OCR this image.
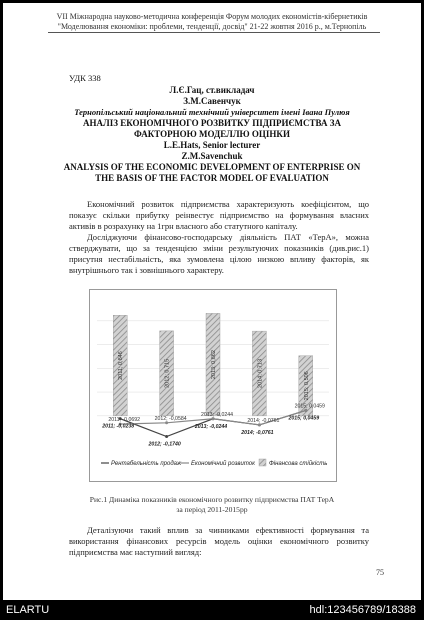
VII Міжнародна науково-методична конференція Форум молодих економістів-кібернетиків
"Моделювання економіки: проблеми, тенденції, досвід" 21-22 жовтня 2016 р., м.Тернопіль
УДК 338
Л.Є.Гац, ст.викладач
З.М.Савенчук
Тернопільський національний технічний університет імені Івана Пулюя
АНАЛІЗ ЕКОНОМІЧНОГО РОЗВИТКУ ПІДПРИЄМСТВА ЗА
ФАКТОРНОЮ МОДЕЛЛЮ ОЦІНКИ
L.E.Hats, Senior lecturer
Z.M.Savenchuk
ANALYSIS OF THE ECONOMIC DEVELOPMENT OF ENTERPRISE ON
THE BASIS OF THE FACTOR MODEL OF EVALUATION

Економічний розвиток підприємства характеризують коефіцієнтом, що показує скільки прибутку реінвестує підприємство на формування власних активів в розрахунку на 1грн власного або статутного капіталу.

Досліджуючи фінансово-господарську діяльність ПАТ «ТерА», можна стверджувати, що за тенденцією зміни результуючих показників (див.рис.1) присутня нестабільність, яка зумовлена цілою низкою впливу факторів, як внутрішнього так і зовнішнього характеру.

2011; 0,846
2011; -0,0238
2011; -0,0692
2012; 0,715
2012; -0,1740
2012; -0,0584
2013; 0,862
2013; -0,0244
2013; -0,0244
2014; 0,713
2014; -0,0761
2014; -0,0761
2015; 0,506
2015; 0,0459
2015; 0,0459
Рентабельність продаж Економічний розвиток Фінансова стійкість
Рис.1 Динаміка показників економічного розвитку підприємства ПАТ ТерА
за період 2011-2015рр

Деталізуючи такий вплив за чинниками ефективності формування та використання фінансових ресурсів модель оцінки економічного розвитку підприємства має наступний вигляд:

75
ELARTU	hdl:123456789/18388
